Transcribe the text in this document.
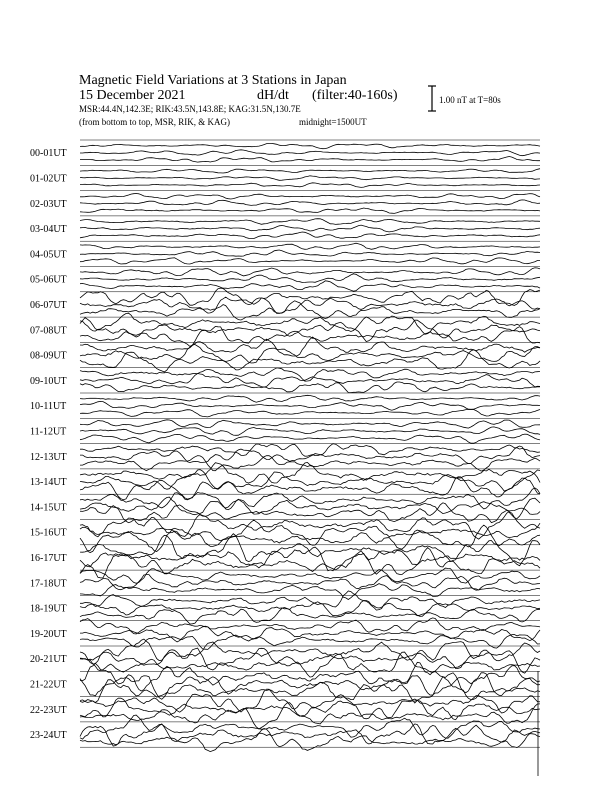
Magnetic Field Variations at 3 Stations in Japan
15 December 2021	dH/dt (filter:40-160s)
MSR:44.4N,142.3E; RIK:43.5N,143.8E; KAG:31.5N,130.7E
(from bottom to top, MSR, RIK, & KAG)	midnight=1500UT
1.00 nT at T=80s
00-01UT
01-02UT
02-03UT
03-04UT
04-05UT
05-06UT
06-07UT
07-08UT
08-09UT
09-10UT
10-11UT
11-12UT
12-13UT
13-14UT
14-15UT
15-16UT
16-17UT
17-18UT
18-19UT
19-20UT
20-21UT
21-22UT
22-23UT
23-24UT
